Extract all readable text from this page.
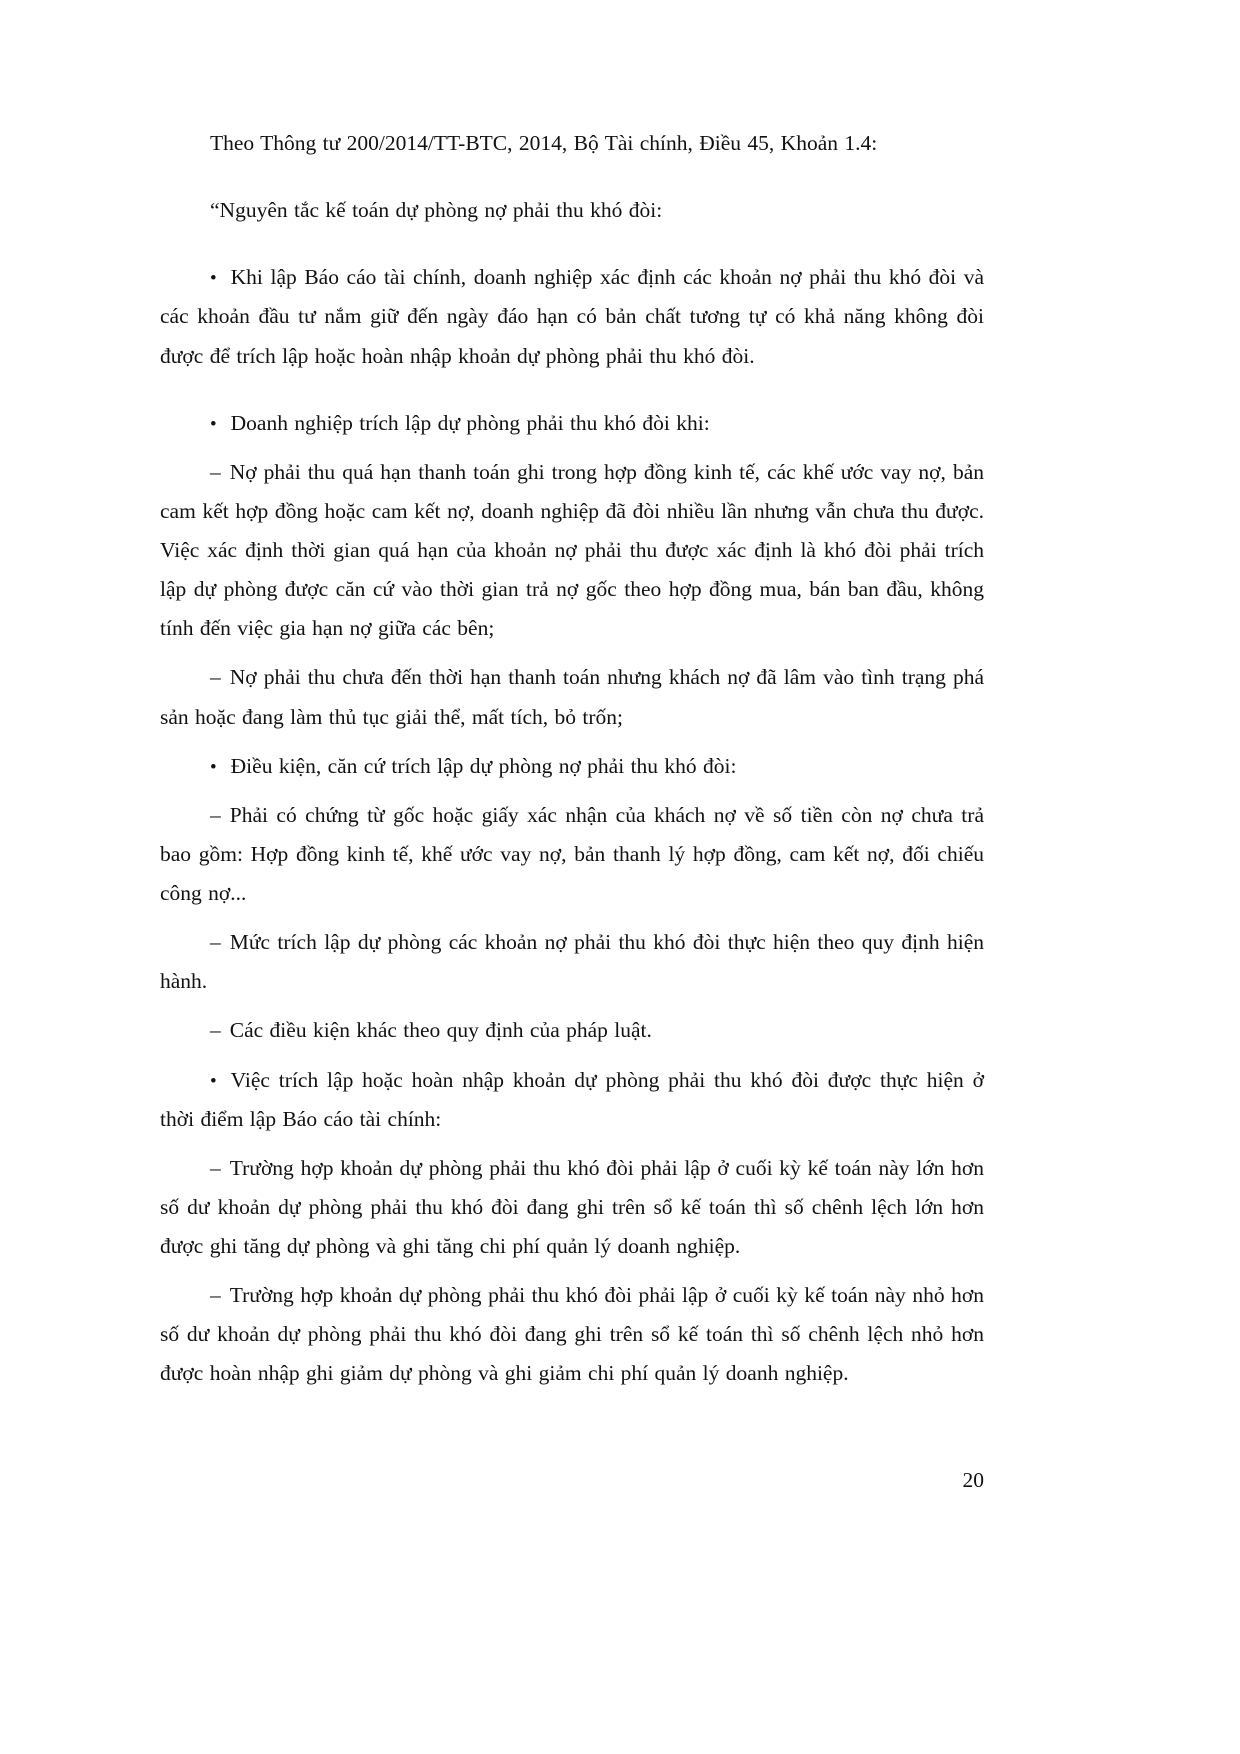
Theo Thông tư 200/2014/TT-BTC, 2014, Bộ Tài chính, Điều 45, Khoản 1.4:

“Nguyên tắc kế toán dự phòng nợ phải thu khó đòi:

• Khi lập Báo cáo tài chính, doanh nghiệp xác định các khoản nợ phải thu khó đòi và các khoản đầu tư nắm giữ đến ngày đáo hạn có bản chất tương tự có khả năng không đòi được để trích lập hoặc hoàn nhập khoản dự phòng phải thu khó đòi.

• Doanh nghiệp trích lập dự phòng phải thu khó đòi khi:

– Nợ phải thu quá hạn thanh toán ghi trong hợp đồng kinh tế, các khế ước vay nợ, bản cam kết hợp đồng hoặc cam kết nợ, doanh nghiệp đã đòi nhiều lần nhưng vẫn chưa thu được. Việc xác định thời gian quá hạn của khoản nợ phải thu được xác định là khó đòi phải trích lập dự phòng được căn cứ vào thời gian trả nợ gốc theo hợp đồng mua, bán ban đầu, không tính đến việc gia hạn nợ giữa các bên;

– Nợ phải thu chưa đến thời hạn thanh toán nhưng khách nợ đã lâm vào tình trạng phá sản hoặc đang làm thủ tục giải thể, mất tích, bỏ trốn;

• Điều kiện, căn cứ trích lập dự phòng nợ phải thu khó đòi:

– Phải có chứng từ gốc hoặc giấy xác nhận của khách nợ về số tiền còn nợ chưa trả bao gồm: Hợp đồng kinh tế, khế ước vay nợ, bản thanh lý hợp đồng, cam kết nợ, đối chiếu công nợ...

– Mức trích lập dự phòng các khoản nợ phải thu khó đòi thực hiện theo quy định hiện hành.

– Các điều kiện khác theo quy định của pháp luật.

• Việc trích lập hoặc hoàn nhập khoản dự phòng phải thu khó đòi được thực hiện ở thời điểm lập Báo cáo tài chính:

– Trường hợp khoản dự phòng phải thu khó đòi phải lập ở cuối kỳ kế toán này lớn hơn số dư khoản dự phòng phải thu khó đòi đang ghi trên sổ kế toán thì số chênh lệch lớn hơn được ghi tăng dự phòng và ghi tăng chi phí quản lý doanh nghiệp.

– Trường hợp khoản dự phòng phải thu khó đòi phải lập ở cuối kỳ kế toán này nhỏ hơn số dư khoản dự phòng phải thu khó đòi đang ghi trên sổ kế toán thì số chênh lệch nhỏ hơn được hoàn nhập ghi giảm dự phòng và ghi giảm chi phí quản lý doanh nghiệp.

20
